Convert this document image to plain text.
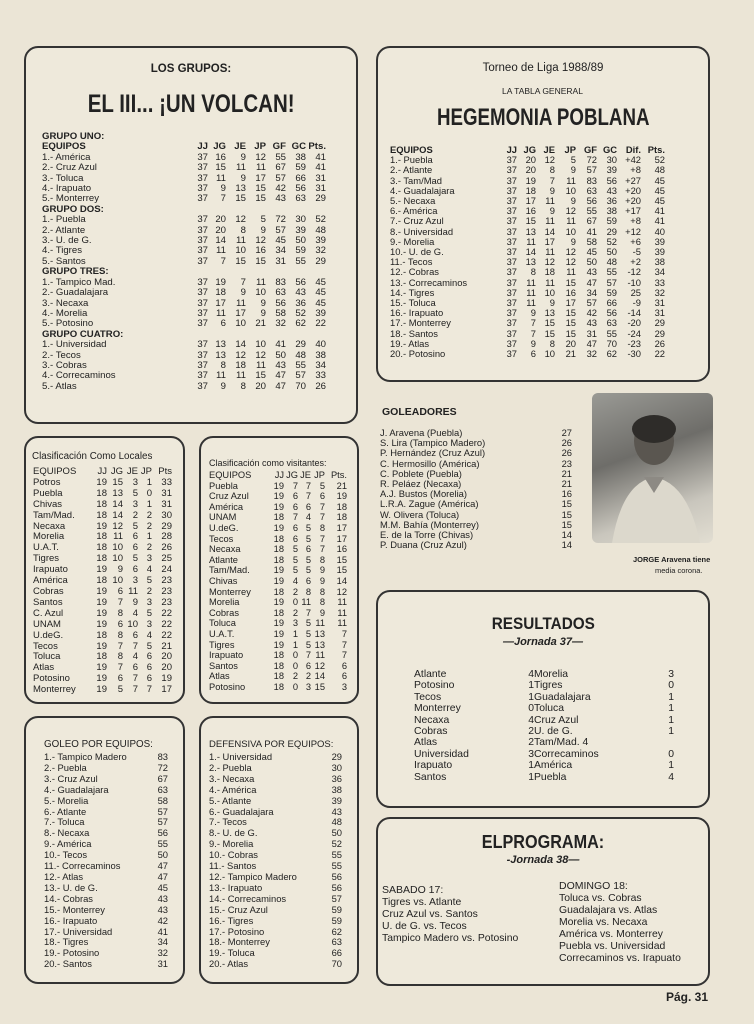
LOS GRUPOS:
EL III... ¡UN VOLCAN!
GRUPO UNO:							
EQUIPOS	JJ	JG	JE	JP	GF	GC	Pts.
1.- América	37	16	9	12	55	38	41
2.- Cruz Azul	37	15	11	11	67	59	41
3.- Toluca	37	11	9	17	57	66	31
4.- Irapuato	37	9	13	15	42	56	31
5.- Monterrey	37	7	15	15	43	63	29
GRUPO DOS:							
1.- Puebla	37	20	12	5	72	30	52
2.- Atlante	37	20	8	9	57	39	48
3.- U. de G.	37	14	11	12	45	50	39
4.- Tigres	37	11	10	16	34	59	32
5.- Santos	37	7	15	15	31	55	29
GRUPO TRES:							
1.- Tampico Mad.	37	19	7	11	83	56	45
2.- Guadalajara	37	18	9	10	63	43	45
3.- Necaxa	37	17	11	9	56	36	45
4.- Morelia	37	11	17	9	58	52	39
5.- Potosino	37	6	10	21	32	62	22
GRUPO CUATRO:							
1.- Universidad	37	13	14	10	41	29	40
2.- Tecos	37	13	12	12	50	48	38
3.- Cobras	37	8	18	11	43	55	34
4.- Correcaminos	37	11	11	15	47	57	33
5.- Atlas	37	9	8	20	47	70	26
Torneo de Liga 1988/89
LA TABLA GENERAL
HEGEMONIA POBLANA
EQUIPOS	JJ	JG	JE	JP	GF	GC	Dif.	Pts.
1.- Puebla	37	20	12	5	72	30	+42	52
2.- Atlante	37	20	8	9	57	39	+8	48
3.- Tam/Mad	37	19	7	11	83	56	+27	45
4.- Guadalajara	37	18	9	10	63	43	+20	45
5.- Necaxa	37	17	11	9	56	36	+20	45
6.- América	37	16	9	12	55	38	+17	41
7.- Cruz Azul	37	15	11	11	67	59	+8	41
8.- Universidad	37	13	14	10	41	29	+12	40
9.- Morelia	37	11	17	9	58	52	+6	39
10.- U. de G.	37	14	11	12	45	50	-5	39
11.- Tecos	37	13	12	12	50	48	+2	38
12.- Cobras	37	8	18	11	43	55	-12	34
13.- Correcaminos	37	11	11	15	47	57	-10	33
14.- Tigres	37	11	10	16	34	59	25	32
15.- Toluca	37	11	9	17	57	66	-9	31
16.- Irapuato	37	9	13	15	42	56	-14	31
17.- Monterrey	37	7	15	15	43	63	-20	29
18.- Santos	37	7	15	15	31	55	-24	29
19.- Atlas	37	9	8	20	47	70	-23	26
20.- Potosino	37	6	10	21	32	62	-30	22
GOLEADORES
J. Aravena (Puebla)	27
S. Lira (Tampico Madero)	26
P. Hernández (Cruz Azul)	26
C. Hermosillo (América)	23
C. Poblete (Puebla)	21
R. Peláez (Necaxa)	21
A.J. Bustos (Morelia)	16
L.R.A. Zague (América)	15
W. Olivera (Toluca)	15
M.M. Bahía (Monterrey)	15
E. de la Torre (Chivas)	14
P. Duana (Cruz Azul)	14
JORGE Aravena tiene
media corona.
Clasificación Como Locales
EQUIPOS	JJ	JG	JE	JP	Pts
Potros	19	15	3	1	33
Puebla	18	13	5	0	31
Chivas	18	14	3	1	31
Tam/Mad.	18	14	2	2	30
Necaxa	19	12	5	2	29
Morelia	18	11	6	1	28
U.A.T.	18	10	6	2	26
Tigres	18	10	5	3	25
Irapuato	19	9	6	4	24
América	18	10	3	5	23
Cobras	19	6	11	2	23
Santos	19	7	9	3	23
C. Azul	19	8	4	5	22
UNAM	19	6	10	3	22
U.deG.	18	8	6	4	22
Tecos	19	7	7	5	21
Toluca	18	8	4	6	20
Atlas	19	7	6	6	20
Potosino	19	6	7	6	19
Monterrey	19	5	7	7	17
Clasificación como visitantes:
EQUIPOS	JJ	JG	JE	JP	Pts.
Puebla	19	7	7	5	21
Cruz Azul	19	6	7	6	19
América	19	6	6	7	18
UNAM	18	7	4	7	18
U.deG.	19	6	5	8	17
Tecos	18	6	5	7	17
Necaxa	18	5	6	7	16
Atlante	18	5	5	8	15
Tam/Mad.	19	5	5	9	15
Chivas	19	4	6	9	14
Monterrey	18	2	8	8	12
Morelia	19	0	11	8	11
Cobras	18	2	7	9	11
Toluca	19	3	5	11	11
U.A.T.	19	1	5	13	7
Tigres	19	1	5	13	7
Irapuato	18	0	7	11	7
Santos	18	0	6	12	6
Atlas	18	2	2	14	6
Potosino	18	0	3	15	3
RESULTADOS
—Jornada 37—
Atlante	4	Morelia	3
Potosino	1	Tigres	0
Tecos	1	Guadalajara	1
Monterrey	0	Toluca	1
Necaxa	4	Cruz Azul	1
Cobras	2	U. de G.	1
Atlas	2	Tam/Mad. 4	
Universidad	3	Correcaminos	0
Irapuato	1	América	1
Santos	1	Puebla	4
GOLEO POR EQUIPOS:
1.- Tampico Madero	83
2.- Puebla	72
3.- Cruz Azul	67
4.- Guadalajara	63
5.- Morelia	58
6.- Atlante	57
7.- Toluca	57
8.- Necaxa	56
9.- América	55
10.- Tecos	50
11.- Correcaminos	47
12.- Atlas	47
13.- U. de G.	45
14.- Cobras	43
15.- Monterrey	43
16.- Irapuato	42
17.- Universidad	41
18.- Tigres	34
19.- Potosino	32
20.- Santos	31
DEFENSIVA POR EQUIPOS:
1.- Universidad	29
2.- Puebla	30
3.- Necaxa	36
4.- América	38
5.- Atlante	39
6.- Guadalajara	43
7.- Tecos	48
8.- U. de G.	50
9.- Morelia	52
10.- Cobras	55
11.- Santos	55
12.- Tampico Madero	56
13.- Irapuato	56
14.- Correcaminos	57
15.- Cruz Azul	59
16.- Tigres	59
17.- Potosino	62
18.- Monterrey	63
19.- Toluca	66
20.- Atlas	70
ELPROGRAMA:
-Jornada 38—
SABADO 17:
Tigres vs. Atlante
Cruz Azul vs. Santos
U. de G. vs. Tecos
Tampico Madero vs. Potosino
DOMINGO 18:
Toluca vs. Cobras
Guadalajara vs. Atlas
Morelia vs. Necaxa
América vs. Monterrey
Puebla vs. Universidad
Correcaminos vs. Irapuato
Pág. 31
